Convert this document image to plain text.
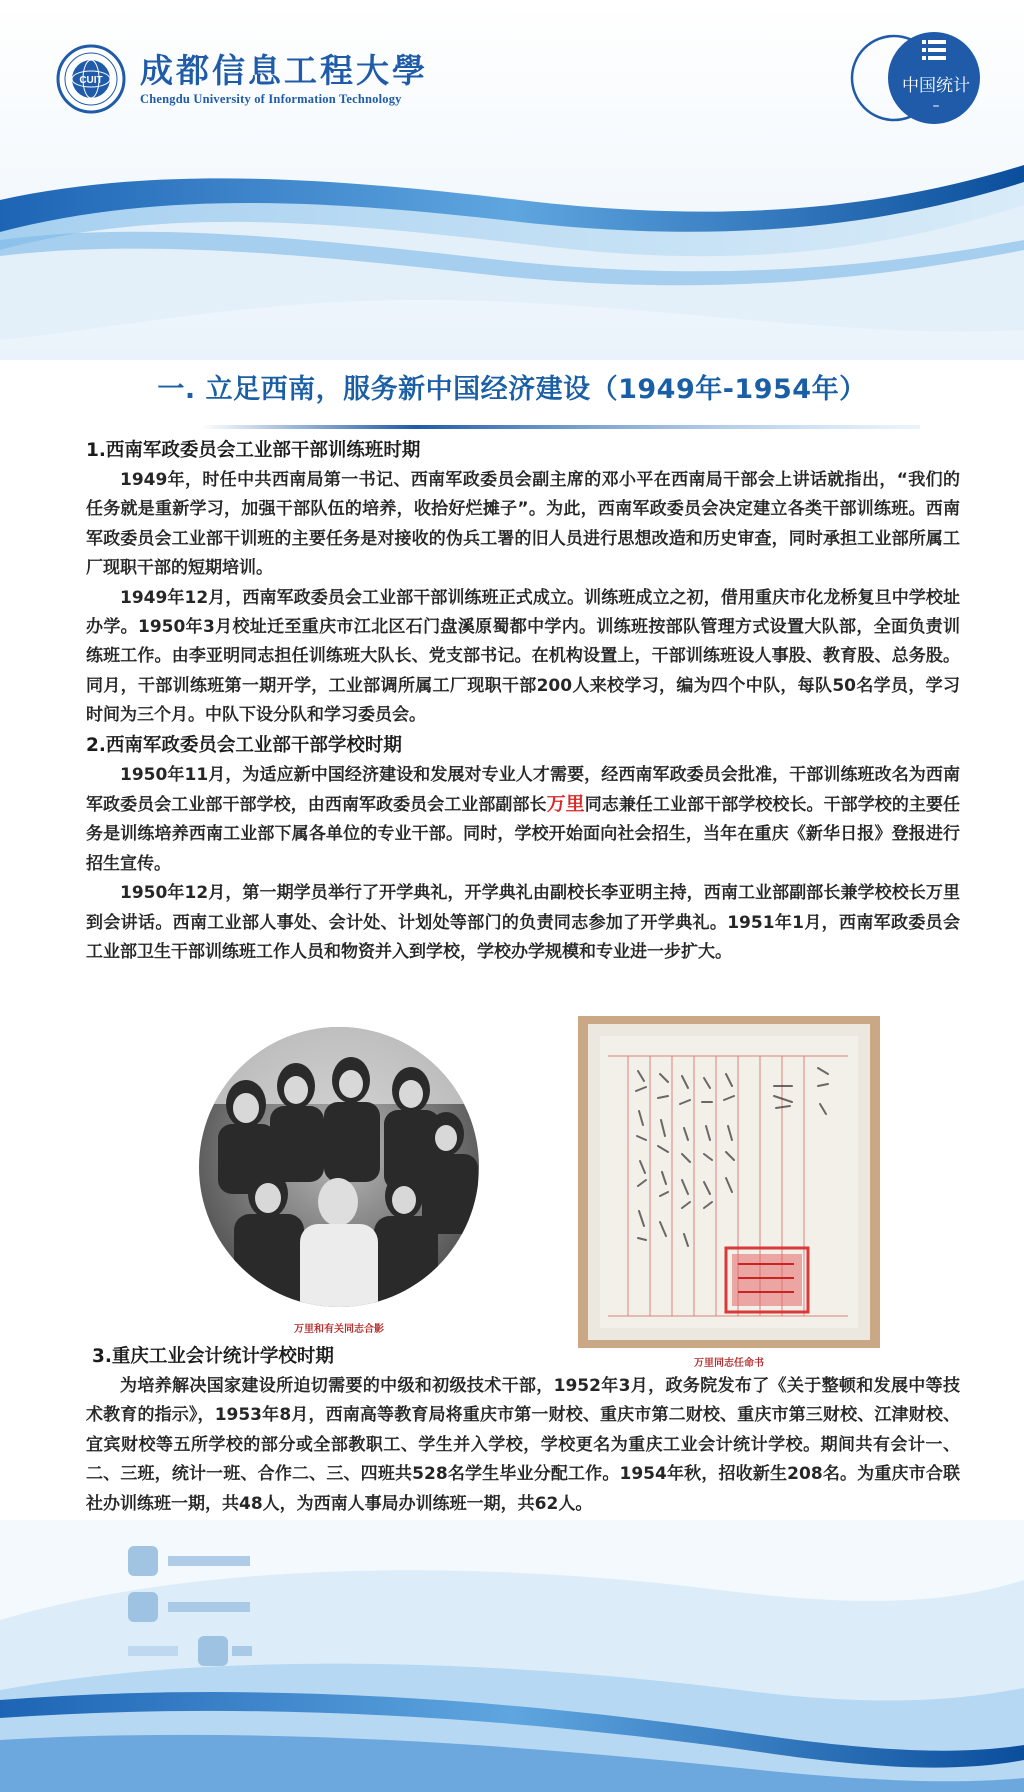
CUIT 成都信息工程大學
Chengdu University of Information Technology
中国统计
–
一. 立足西南，服务新中国经济建设（1949年-1954年）
1.西南军政委员会工业部干部训练班时期

1949年，时任中共西南局第一书记、西南军政委员会副主席的邓小平在西南局干部会上讲话就指出，“我们的任务就是重新学习，加强干部队伍的培养，收拾好烂摊子”。为此，西南军政委员会决定建立各类干部训练班。西南军政委员会工业部干训班的主要任务是对接收的伪兵工署的旧人员进行思想改造和历史审查，同时承担工业部所属工厂现职干部的短期培训。

1949年12月，西南军政委员会工业部干部训练班正式成立。训练班成立之初，借用重庆市化龙桥复旦中学校址办学。1950年3月校址迁至重庆市江北区石门盘溪原蜀都中学内。训练班按部队管理方式设置大队部，全面负责训练班工作。由李亚明同志担任训练班大队长、党支部书记。在机构设置上，干部训练班设人事股、教育股、总务股。同月，干部训练班第一期开学，工业部调所属工厂现职干部200人来校学习，编为四个中队，每队50名学员，学习时间为三个月。中队下设分队和学习委员会。

2.西南军政委员会工业部干部学校时期

1950年11月，为适应新中国经济建设和发展对专业人才需要，经西南军政委员会批准，干部训练班改名为西南军政委员会工业部干部学校，由西南军政委员会工业部副部长万里同志兼任工业部干部学校校长。干部学校的主要任务是训练培养西南工业部下属各单位的专业干部。同时，学校开始面向社会招生，当年在重庆《新华日报》登报进行招生宣传。

1950年12月，第一期学员举行了开学典礼，开学典礼由副校长李亚明主持，西南工业部副部长兼学校校长万里到会讲话。西南工业部人事处、会计处、计划处等部门的负责同志参加了开学典礼。1951年1月，西南军政委员会工业部卫生干部训练班工作人员和物资并入到学校，学校办学规模和专业进一步扩大。

万里和有关同志合影
万里同志任命书
3.重庆工业会计统计学校时期

为培养解决国家建设所迫切需要的中级和初级技术干部，1952年3月，政务院发布了《关于整顿和发展中等技术教育的指示》，1953年8月，西南高等教育局将重庆市第一财校、重庆市第二财校、重庆市第三财校、江津财校、宜宾财校等五所学校的部分或全部教职工、学生并入学校，学校更名为重庆工业会计统计学校。期间共有会计一、二、三班，统计一班、合作二、三、四班共528名学生毕业分配工作。1954年秋，招收新生208名。为重庆市合联社办训练班一期，共48人，为西南人事局办训练班一期，共62人。
